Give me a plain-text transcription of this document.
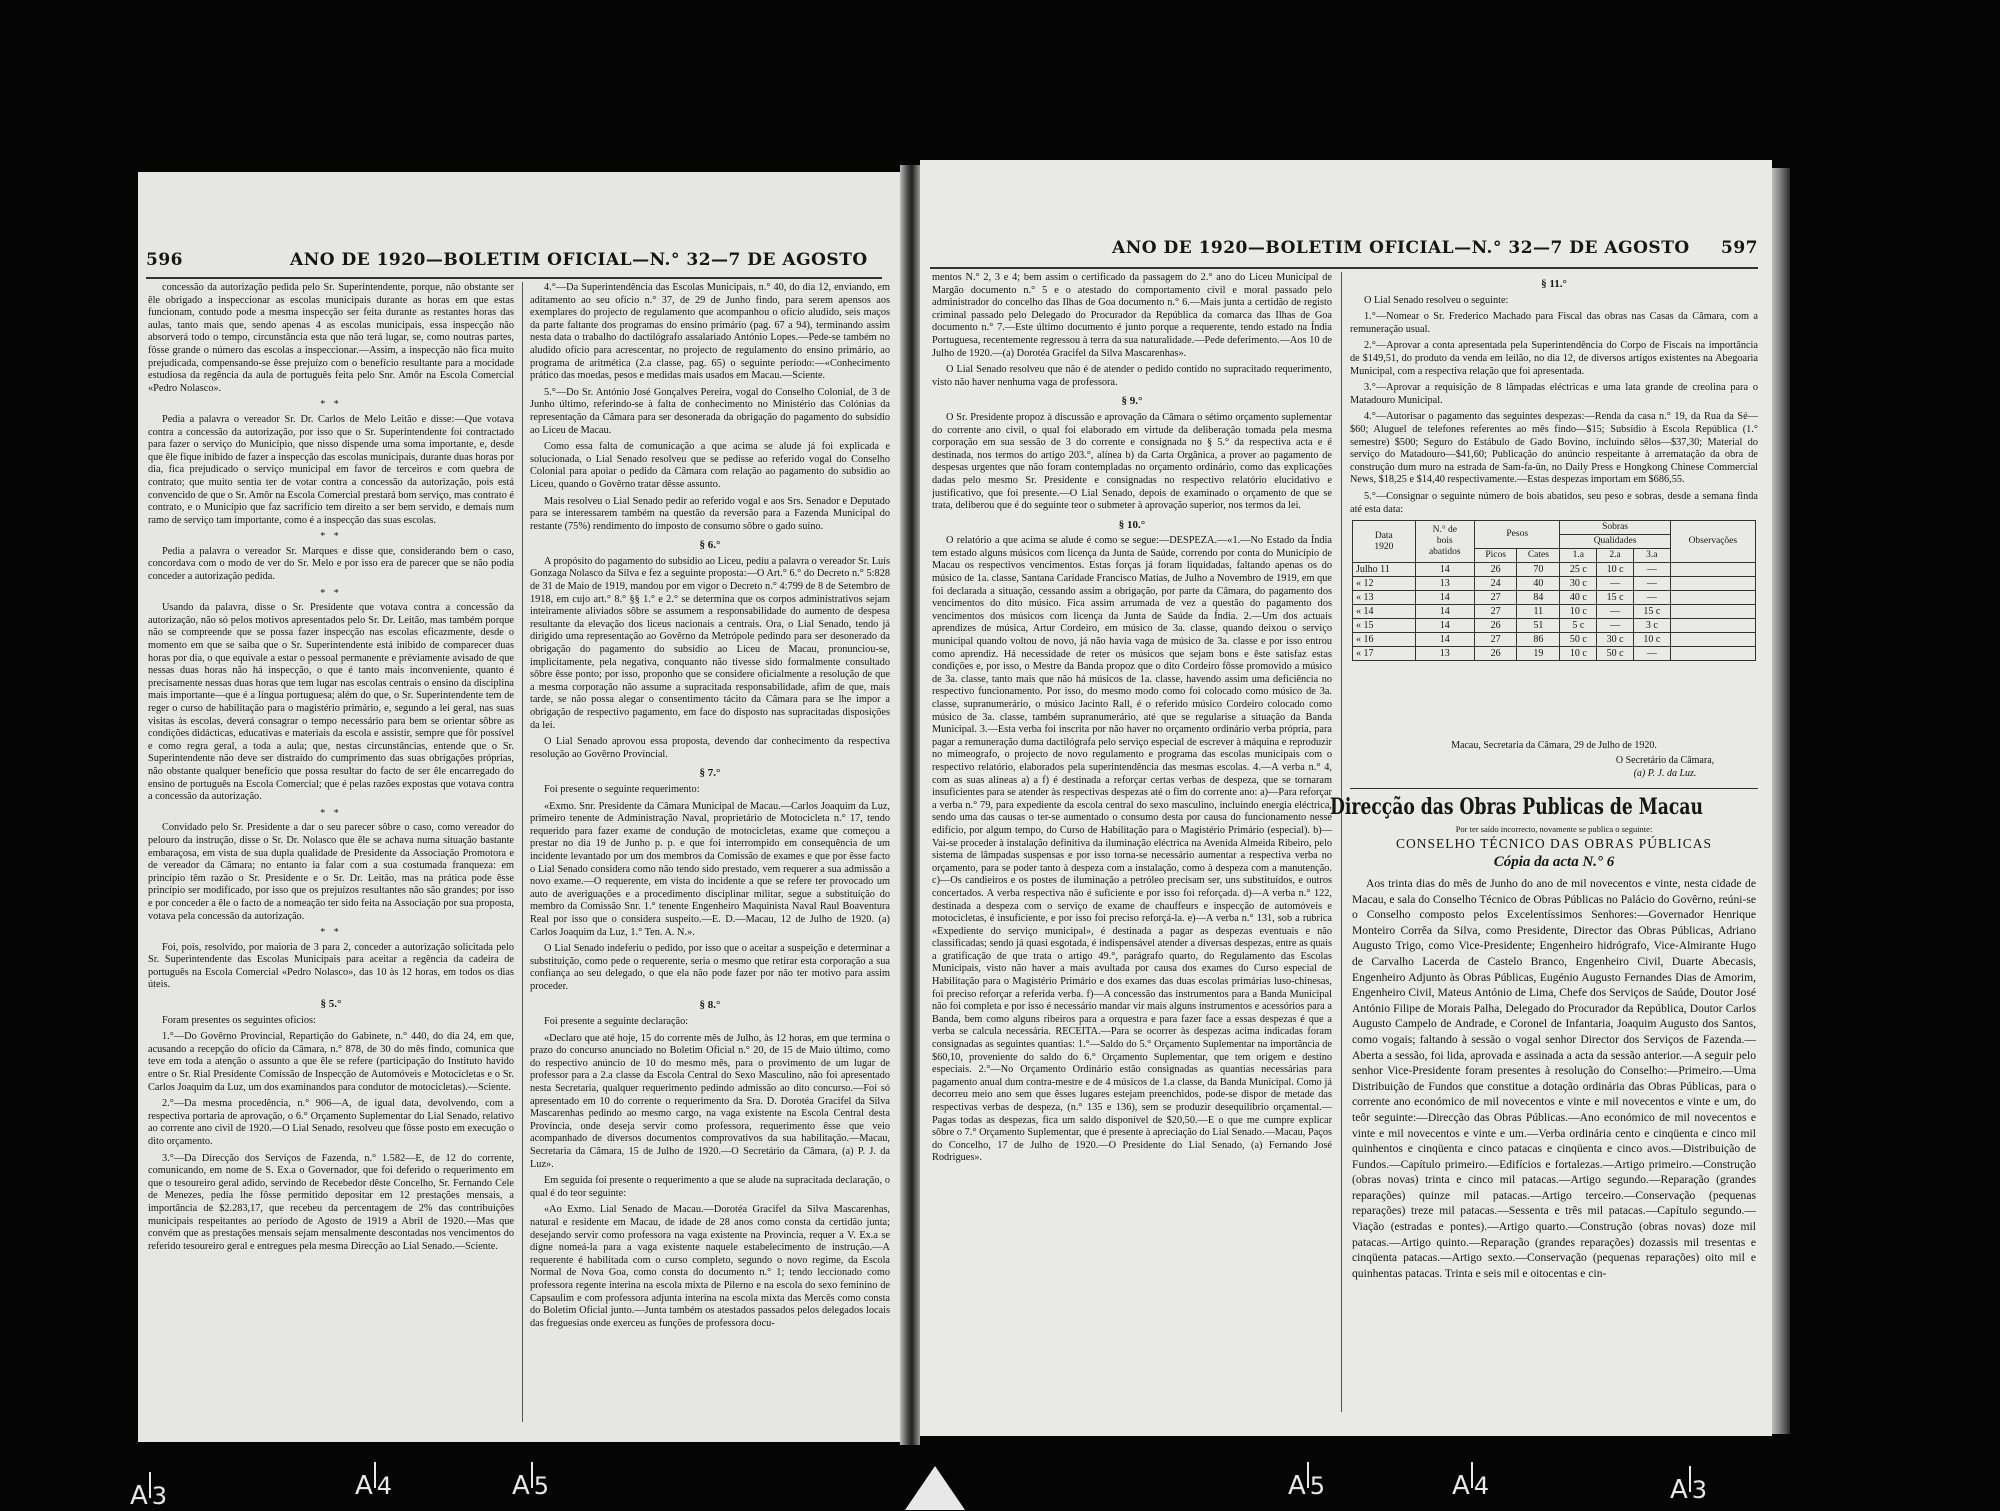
596	ANO DE 1920—BOLETIM OFICIAL—N.° 32—7 DE AGOSTO

concessão da autorização pedida pelo Sr. Superintendente, porque, não obstante ser êle obrigado a inspeccionar as escolas municipais durante as horas em que estas funcionam, contudo pode a mesma inspecção ser feita durante as restantes horas das aulas, tanto mais que, sendo apenas 4 as escolas municipais, essa inspecção não absorverá todo o tempo, circunstância esta que não terá lugar, se, como noutras partes, fôsse grande o número das escolas a inspeccionar.—Assim, a inspecção não fica muito prejudicada, compensando-se êsse prejuízo com o benefício resultante para a mocidade estudiosa da regência da aula de português feita pelo Snr. Amôr na Escola Comercial «Pedro Nolasco».

* *

Pedia a palavra o vereador Sr. Dr. Carlos de Melo Leitão e disse:—Que votava contra a concessão da autorização, por isso que o Sr. Superintendente foi contractado para fazer o serviço do Município, que nisso dispende uma soma importante, e, desde que êle fique inibido de fazer a inspecção das escolas municipais, durante duas horas por dia, fica prejudicado o serviço municipal em favor de terceiros e com quebra de contrato; que muito sentia ter de votar contra a concessão da autorização, pois está convencido de que o Sr. Amôr na Escola Comercial prestará bom serviço, mas contrato é contrato, e o Município que faz sacrifício tem direito a ser bem servido, e demais num ramo de serviço tam importante, como é a inspecção das suas escolas.

* *

Pedia a palavra o vereador Sr. Marques e disse que, considerando bem o caso, concordava com o modo de ver do Sr. Melo e por isso era de parecer que se não podia conceder a autorização pedida.

* *

Usando da palavra, disse o Sr. Presidente que votava contra a concessão da autorização, não só pelos motivos apresentados pelo Sr. Dr. Leitão, mas também porque não se compreende que se possa fazer inspecção nas escolas eficazmente, desde o momento em que se saiba que o Sr. Superintendente está inibido de comparecer duas horas por dia, o que equivale a estar o pessoal permanente e prèviamente avisado de que nessas duas horas não há inspecção, o que é tanto mais inconveniente, quanto é precisamente nessas duas horas que tem lugar nas escolas centrais o ensino da disciplina mais importante—que é a língua portuguesa; além do que, o Sr. Superintendente tem de reger o curso de habilitação para o magistério primário, e, segundo a lei geral, nas suas visitas às escolas, deverá consagrar o tempo necessário para bem se orientar sôbre as condições didácticas, educativas e materiais da escola e assistir, sempre que fôr possível e como regra geral, a toda a aula; que, nestas circunstâncias, entende que o Sr. Superintendente não deve ser distraído do cumprimento das suas obrigações próprias, não obstante qualquer benefício que possa resultar do facto de ser êle encarregado do ensino de português na Escola Comercial; que é pelas razões expostas que votava contra a concessão da autorização.

* *

Convidado pelo Sr. Presidente a dar o seu parecer sôbre o caso, como vereador do pelouro da instrução, disse o Sr. Dr. Nolasco que êle se achava numa situação bastante embaraçosa, em vista de sua dupla qualidade de Presidente da Associação Promotora e de vereador da Câmara; no entanto ia falar com a sua costumada franqueza: em princípio têm razão o Sr. Presidente e o Sr. Dr. Leitão, mas na prática pode êsse princípio ser modificado, por isso que os prejuízos resultantes não são grandes; por isso e por conceder a êle o facto de a nomeação ter sido feita na Associação por sua proposta, votava pela concessão da autorização.

* *

Foi, pois, resolvido, por maioria de 3 para 2, conceder a autorização solicitada pelo Sr. Superintendente das Escolas Municipais para aceitar a regência da cadeira de português na Escola Comercial «Pedro Nolasco», das 10 às 12 horas, em todos os dias úteis.

§ 5.°

Foram presentes os seguintes ofícios:

1.°—Do Govêrno Provincial, Repartição do Gabinete, n.° 440, do dia 24, em que, acusando a recepção do ofício da Câmara, n.° 878, de 30 do mês findo, comunica que teve em toda a atenção o assunto a que êle se refere (participação do Instituto havido entre o Sr. Rial Presidente Comissão de Inspecção de Automóveis e Motocicletas e o Sr. Carlos Joaquim da Luz, um dos examinandos para condutor de motocicletas).—Sciente.

2.°—Da mesma procedência, n.° 906—A, de igual data, devolvendo, com a respectiva portaria de aprovação, o 6.° Orçamento Suplementar do Lial Senado, relativo ao corrente ano civil de 1920.—O Lial Senado, resolveu que fôsse posto em execução o dito orçamento.

3.°—Da Direcção dos Serviços de Fazenda, n.° 1.582—E, de 12 do corrente, comunicando, em nome de S. Ex.a o Governador, que foi deferido o requerimento em que o tesoureiro geral adido, servindo de Recebedor dêste Concelho, Sr. Fernando Cele de Menezes, pedia lhe fôsse permitido depositar em 12 prestações mensais, a importância de $2.283,17, que recebeu da percentagem de 2% das contribuições municipais respeitantes ao período de Agosto de 1919 a Abril de 1920.—Mas que convém que as prestações mensais sejam mensalmente descontadas nos vencimentos do referido tesoureiro geral e entregues pela mesma Direcção ao Lial Senado.—Sciente.

4.°—Da Superintendência das Escolas Municipais, n.° 40, do dia 12, enviando, em aditamento ao seu ofício n.° 37, de 29 de Junho findo, para serem apensos aos exemplares do projecto de regulamento que acompanhou o ofício aludido, seis maços da parte faltante dos programas do ensino primário (pag. 67 a 94), terminando assim nesta data o trabalho do dactilógrafo assalariado António Lopes.—Pede-se também no aludido ofício para acrescentar, no projecto de regulamento do ensino primário, ao programa de aritmética (2.a classe, pag. 65) o seguinte período:—«Conhecimento prático das moedas, pesos e medidas mais usados em Macau.—Sciente.

5.°—Do Sr. António José Gonçalves Pereira, vogal do Conselho Colonial, de 3 de Junho último, referindo-se à falta de conhecimento no Ministério das Colónias da representação da Câmara para ser desonerada da obrigação do pagamento do subsídio ao Liceu de Macau.

Como essa falta de comunicação a que acima se alude já foi explicada e solucionada, o Lial Senado resolveu que se pedisse ao referido vogal do Conselho Colonial para apoiar o pedido da Câmara com relação ao pagamento do subsídio ao Liceu, quando o Govêrno tratar dêsse assunto.

Mais resolveu o Lial Senado pedir ao referido vogal e aos Srs. Senador e Deputado para se interessarem também na questão da reversão para a Fazenda Municipal do restante (75%) rendimento do imposto de consumo sôbre o gado suíno.

§ 6.°

A propósito do pagamento do subsídio ao Liceu, pediu a palavra o vereador Sr. Luís Gonzaga Nolasco da Silva e fez a seguinte proposta:—O Art.° 6.° do Decreto n.° 5:828 de 31 de Maio de 1919, mandou por em vigor o Decreto n.° 4:799 de 8 de Setembro de 1918, em cujo art.° 8.° §§ 1.° e 2.° se determina que os corpos administrativos sejam inteiramente aliviados sôbre se assumem a responsabilidade do aumento de despesa resultante da elevação dos liceus nacionais a centrais. Ora, o Lial Senado, tendo já dirigido uma representação ao Govêrno da Metrópole pedindo para ser desonerado da obrigação do pagamento do subsídio ao Liceu de Macau, pronunciou-se, implìcitamente, pela negativa, conquanto não tivesse sido formalmente consultado sôbre êsse ponto; por isso, proponho que se considere oficialmente a resolução de que a mesma corporação não assume a supracitada responsabilidade, afim de que, mais tarde, se não possa alegar o consentimento tácito da Câmara para se lhe impor a obrigação de respectivo pagamento, em face do disposto nas supracitadas disposições da lei.

O Lial Senado aprovou essa proposta, devendo dar conhecimento da respectiva resolução ao Govêrno Provincial.

§ 7.°

Foi presente o seguinte requerimento:

«Exmo. Snr. Presidente da Câmara Municipal de Macau.—Carlos Joaquim da Luz, primeiro tenente de Administração Naval, proprietário de Motocicleta n.° 17, tendo requerido para fazer exame de condução de motocicletas, exame que começou a prestar no dia 19 de Junho p. p. e que foi interrompido em consequência de um incidente levantado por um dos membros da Comissão de exames e que por êsse facto o Lial Senado considera como não tendo sido prestado, vem requerer a sua admissão a novo exame.—O requerente, em vista do incidente a que se refere ter provocado um auto de averiguações e a procedimento disciplinar militar, segue a substituição do membro da Comissão Snr. 1.° tenente Engenheiro Maquinista Naval Raul Boaventura Real por isso que o considera suspeito.—E. D.—Macau, 12 de Julho de 1920. (a) Carlos Joaquim da Luz, 1.° Ten. A. N.».

O Lial Senado indeferiu o pedido, por isso que o aceitar a suspeição e determinar a substituição, como pede o requerente, seria o mesmo que retirar esta corporação a sua confiança ao seu delegado, o que ela não pode fazer por não ter motivo para assim proceder.

§ 8.°

Foi presente a seguinte declaração:

«Declaro que até hoje, 15 do corrente mês de Julho, às 12 horas, em que termina o prazo do concurso anunciado no Boletim Oficial n.° 20, de 15 de Maio último, como do respectivo anúncio de 10 do mesmo mês, para o provimento de um lugar de professor para a 2.a classe da Escola Central do Sexo Masculino, não foi apresentado nesta Secretaria, qualquer requerimento pedindo admissão ao dito concurso.—Foi só apresentado em 10 do corrente o requerimento da Sra. D. Dorotéa Gracifel da Silva Mascarenhas pedindo ao mesmo cargo, na vaga existente na Escola Central desta Província, onde deseja servir como professora, requerimento êsse que veio acompanhado de diversos documentos comprovativos da sua habilitação.—Macau, Secretaria da Câmara, 15 de Julho de 1920.—O Secretário da Câmara, (a) P. J. da Luz».

Em seguida foi presente o requerimento a que se alude na supracitada declaração, o qual é do teor seguinte:

«Ao Exmo. Lial Senado de Macau.—Dorotéa Gracifel da Silva Mascarenhas, natural e residente em Macau, de idade de 28 anos como consta da certidão junta; desejando servir como professora na vaga existente na Provincia, requer a V. Ex.a se digne nomeá-la para a vaga existente naquele estabelecimento de instrução.—A requerente é habilitada com o curso completo, segundo o novo regime, da Escola Normal de Nova Goa, como consta do documento n.° 1; tendo leccionado como professora regente interina na escola mixta de Pilerno e na escola do sexo feminino de Capsaulim e com professora adjunta interina na escola mixta das Mercês como consta do Boletim Oficial junto.—Junta também os atestados passados pelos delegados locais das freguesias onde exerceu as funções de professora docu-

ANO DE 1920—BOLETIM OFICIAL—N.° 32—7 DE AGOSTO 597

mentos N.° 2, 3 e 4; bem assim o certificado da passagem do 2.° ano do Liceu Municipal de Margão documento n.° 5 e o atestado do comportamento civil e moral passado pelo administrador do concelho das Ilhas de Goa documento n.° 6.—Mais junta a certidão de registo criminal passado pelo Delegado do Procurador da República da comarca das Ilhas de Goa documento n.° 7.—Este último documento é junto porque a requerente, tendo estado na Índia Portuguesa, recentemente regressou à terra da sua naturalidade.—Pede deferimento.—Aos 10 de Julho de 1920.—(a) Dorotéa Gracifel da Silva Mascarenhas».

O Lial Senado resolveu que não é de atender o pedido contido no supracitado requerimento, visto não haver nenhuma vaga de professora.

§ 9.°

O Sr. Presidente propoz à discussão e aprovação da Câmara o sétimo orçamento suplementar do corrente ano civil, o qual foi elaborado em virtude da deliberação tomada pela mesma corporação em sua sessão de 3 do corrente e consignada no § 5.° da respectiva acta e é destinada, nos termos do artigo 203.°, alínea b) da Carta Orgânica, a prover ao pagamento de despesas urgentes que não foram contempladas no orçamento ordinário, como das explicações dadas pelo mesmo Sr. Presidente e consignadas no respectivo relatório elucidativo e justificativo, que foi presente.—O Lial Senado, depois de examinado o orçamento de que se trata, deliberou que é do seguinte teor o submeter à aprovação superior, nos termos da lei.

§ 10.°

O relatório a que acima se alude é como se segue:—DESPEZA.—«1.—No Estado da Índia tem estado alguns músicos com licença da Junta de Saúde, correndo por conta do Município de Macau os respectivos vencimentos. Estas forças já foram liquidadas, faltando apenas os do músico de 1a. classe, Santana Caridade Francisco Matias, de Julho a Novembro de 1919, em que foi declarada a situação, cessando assim a obrigação, por parte da Câmara, do pagamento dos vencimentos do dito músico. Fica assim arrumada de vez a questão do pagamento dos vencimentos dos músicos com licença da Junta de Saúde da Índia. 2.—Um dos actuais aprendizes de música, Artur Cordeiro, em músico de 3a. classe, quando deixou o serviço municipal quando voltou de novo, já não havia vaga de músico de 3a. classe e por isso entrou como aprendiz. Há necessidade de reter os músicos que sejam bons e êste satisfaz estas condições e, por isso, o Mestre da Banda propoz que o dito Cordeiro fôsse promovido a músico de 3a. classe, tanto mais que não há músicos de 1a. classe, havendo assim uma deficiência no respectivo funcionamento. Por isso, do mesmo modo como foi colocado como músico de 3a. classe, supranumerário, o músico Jacinto Rall, é o referido músico Cordeiro colocado como músico de 3a. classe, também supranumerário, até que se regularise a situação da Banda Municipal. 3.—Esta verba foi inscrita por não haver no orçamento ordinário verba própria, para pagar a remuneração duma dactilógrafa pelo serviço especial de escrever à máquina e reproduzir no mimeografo, o projecto de novo regulamento e programa das escolas municipais com o respectivo relatório, elaborados pela superintendência das mesmas escolas. 4.—A verba n.° 4, com as suas alíneas a) a f) é destinada a reforçar certas verbas de despeza, que se tornaram insuficientes para se atender às respectivas despezas até o fim do corrente ano: a)—Para reforçar a verba n.° 79, para expediente da escola central do sexo masculino, incluindo energia eléctrica, sendo uma das causas o ter-se aumentado o consumo desta por causa do funcionamento nesse edifício, por algum tempo, do Curso de Habilitação para o Magistério Primário (especial). b)—Vai-se proceder à instalação definitiva da iluminação eléctrica na Avenida Almeida Ribeiro, pelo sistema de lâmpadas suspensas e por isso torna-se necessário aumentar a respectiva verba no orçamento, para se poder tanto à despeza com a instalação, como à despeza com a manutenção. c)—Os candieiros e os postes de iluminação a petróleo precisam ser, uns substituídos, e outros concertados. A verba respectiva não é suficiente e por isso foi reforçada. d)—A verba n.° 122, destinada a despeza com o serviço de exame de chauffeurs e inspecção de automóveis e motocicletas, é insuficiente, e por isso foi preciso reforçá-la. e)—A verba n.° 131, sob a rubrica «Expediente do serviço municipal», é destinada a pagar as despezas eventuais e não classificadas; sendo já quasi esgotada, é indispensável atender a diversas despezas, entre as quais a gratificação de que trata o artigo 49.°, parágrafo quarto, do Regulamento das Escolas Municipais, visto não haver a mais avultada por causa dos exames do Curso especial de Habilitação para o Magistério Primário e dos exames das duas escolas primárias luso-chinesas, foi preciso reforçar a referida verba. f)—A concessão das instrumentos para a Banda Municipal não foi completa e por isso é necessário mandar vir mais alguns instrumentos e acessórios para a Banda, bem como alguns ribeiros para a orquestra e para fazer face a essas despezas é que a verba se calcula necessária. RECEITA.—Para se ocorrer às despezas acima indicadas foram consignadas as seguintes quantias: 1.°—Saldo do 5.° Orçamento Suplementar na importância de $60,10, proveniente do saldo do 6.° Orçamento Suplementar, que tem origem e destino especiais. 2.°—No Orçamento Ordinário estão consignadas as quantias necessárias para pagamento anual dum contra-mestre e de 4 músicos de 1.a classe, da Banda Municipal. Como já decorreu meio ano sem que êsses lugares estejam preenchidos, pode-se dispor de metade das respectivas verbas de despeza, (n.° 135 e 136), sem se produzir desequilíbrio orçamental.—Pagas todas as despezas, fica um saldo disponível de $20,50.—E o que me cumpre explicar sôbre o 7.° Orçamento Suplementar, que é presente à apreciação do Lial Senado.—Macau, Paços do Concelho, 17 de Julho de 1920.—O Presidente do Lial Senado, (a) Fernando José Rodrigues».

§ 11.°

O Lial Senado resolveu o seguinte:

1.°—Nomear o Sr. Frederico Machado para Fiscal das obras nas Casas da Câmara, com a remuneração usual.

2.°—Aprovar a conta apresentada pela Superintendência do Corpo de Fiscais na importância de $149,51, do produto da venda em leilão, no dia 12, de diversos artigos existentes na Abegoaria Municipal, com a respectiva relação que foi apresentada.

3.°—Aprovar a requisição de 8 lâmpadas eléctricas e uma lata grande de creolina para o Matadouro Municipal.

4.°—Autorisar o pagamento das seguintes despezas:—Renda da casa n.° 19, da Rua da Sé—$60; Aluguel de telefones referentes ao mês findo—$15; Subsídio à Escola República (1.° semestre) $500; Seguro do Estábulo de Gado Bovino, incluindo sêlos—$37,30; Material do serviço do Matadouro—$41,60; Publicação do anúncio respeitante à arrematação da obra de construção dum muro na estrada de Sam-fa-ün, no Daily Press e Hongkong Chinese Commercial News, $18,25 e $14,40 respectivamente.—Estas despezas importam em $686,55.

5.°—Consignar o seguinte número de bois abatidos, seu peso e sobras, desde a semana finda até esta data:

Data
1920	N.° de
bois
abatidos	Pesos		Sobras			Observações
				Qualidades			
		Picos	Cates	1.a	2.a	3.a	
Julho 11	14	26	70	25 c	10 c	—	
« 12	13	24	40	30 c	—	—	
« 13	14	27	84	40 c	15 c	—	
« 14	14	27	11	10 c	—	15 c	
« 15	14	26	51	5 c	—	3 c	
« 16	14	27	86	50 c	30 c	10 c	
« 17	13	26	19	10 c	50 c	—	
Macau, Secretaria da Câmara, 29 de Julho de 1920.
O Secretário da Câmara,
(a) P. J. da Luz.
Direcção das Obras Publicas de Macau
Por ter saído incorrecto, novamente se publica o seguinte:
CONSELHO TÉCNICO DAS OBRAS PÚBLICAS
Cópia da acta N.° 6

Aos trinta dias do mês de Junho do ano de mil novecentos e vinte, nesta cidade de Macau, e sala do Conselho Técnico de Obras Públicas no Palácio do Govêrno, reúni-se o Conselho composto pelos Excelentíssimos Senhores:—Governador Henrique Monteiro Corrêa da Silva, como Presidente, Director das Obras Públicas, Adriano Augusto Trigo, como Vice-Presidente; Engenheiro hidrógrafo, Vice-Almirante Hugo de Carvalho Lacerda de Castelo Branco, Engenheiro Civil, Duarte Abecasis, Engenheiro Adjunto às Obras Públicas, Eugénio Augusto Fernandes Dias de Amorim, Engenheiro Civil, Mateus António de Lima, Chefe dos Serviços de Saúde, Doutor José António Filipe de Morais Palha, Delegado do Procurador da República, Doutor Carlos Augusto Campelo de Andrade, e Coronel de Infantaria, Joaquim Augusto dos Santos, como vogais; faltando à sessão o vogal senhor Director dos Serviços de Fazenda.—Aberta a sessão, foi lida, aprovada e assinada a acta da sessão anterior.—A seguir pelo senhor Vice-Presidente foram presentes à resolução do Conselho:—Primeiro.—Uma Distribuição de Fundos que constitue a dotação ordinária das Obras Públicas, para o corrente ano económico de mil novecentos e vinte e mil novecentos e vinte e um, do teôr seguinte:—Direcção das Obras Públicas.—Ano económico de mil novecentos e vinte e mil novecentos e vinte e um.—Verba ordinária cento e cinqüenta e cinco mil quinhentos e cinqüenta e cinco patacas e cinqüenta e cinco avos.—Distribuição de Fundos.—Capítulo primeiro.—Edifícios e fortalezas.—Artigo primeiro.—Construção (obras novas) trinta e cinco mil patacas.—Artigo segundo.—Reparação (grandes reparações) quinze mil patacas.—Artigo terceiro.—Conservação (pequenas reparações) treze mil patacas.—Sessenta e três mil patacas.—Capítulo segundo.—Viação (estradas e pontes).—Artigo quarto.—Construção (obras novas) doze mil patacas.—Artigo quinto.—Reparação (grandes reparações) dozassis mil tresentas e cinqüenta patacas.—Artigo sexto.—Conservação (pequenas reparações) oito mil e quinhentas patacas. Trinta e seis mil e oitocentas e cin-

A 3	A 4	A 5	A 5	A 4	A 3
